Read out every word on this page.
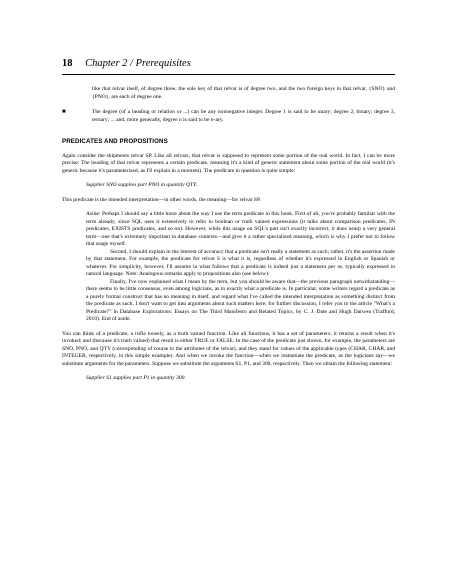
18 Chapter 2 / Prerequisites

like that relvar itself, of degree three, the sole key of that relvar is of degree two, and the two foreign keys in that relvar, {SNO} and {PNO}, are each of degree one.

■	The degree (of a heading or relation or ...) can be any nonnegative integer. Degree 1 is said to be unary; degree 2, binary; degree 3, ternary; ... and, more generally, degree n is said to be n-ary.
PREDICATES AND PROPOSITIONS

Again consider the shipments relvar SP. Like all relvars, that relvar is supposed to represent some portion of the real world. In fact, I can be more precise: The heading of that relvar represents a certain predicate, meaning it's a kind of generic statement about some portion of the real world (it's generic because it's parameterized, as I'll explain in a moment). The predicate in question is quite simple:

Supplier SNO supplies part PNO in quantity QTY.

This predicate is the intended interpretation—in other words, the meaning—for relvar SP.

Aside: Perhaps I should say a little more about the way I use the term predicate in this book. First of all, you're probably familiar with the term already, since SQL uses it extensively to refer to boolean or truth valued expressions (it talks about comparison predicates, IN predicates, EXISTS predicates, and so on). However, while this usage on SQL's part isn't exactly incorrect, it does usurp a very general term—one that's extremely important in database contexts—and give it a rather specialized meaning, which is why I prefer not to follow that usage myself.

Second, I should explain in the interest of accuracy that a predicate isn't really a statement as such; rather, it's the assertion made by that statement. For example, the predicate for relvar S is what it is, regardless of whether it's expressed in English or Spanish or whatever. For simplicity, however, I'll assume in what follows that a predicate is indeed just a statement per se, typically expressed in natural language. Note: Analogous remarks apply to propositions also (see below).

Finally, I've now explained what I mean by the term, but you should be aware that—the previous paragraph notwithstanding—there seems to be little consensus, even among logicians, as to exactly what a predicate is. In particular, some writers regard a predicate as a purely formal construct that has no meaning in itself, and regard what I've called the intended interpretation as something distinct from the predicate as such. I don't want to get into arguments about such matters here; for further discussion, I refer you to the article "What's a Predicate?" in Database Explorations: Essays on The Third Manifesto and Related Topics, by C. J. Date and Hugh Darwen (Trafford, 2010). End of aside.

You can think of a predicate, a trifle loosely, as a truth valued function. Like all functions, it has a set of parameters; it returns a result when it's invoked; and (because it's truth valued) that result is either TRUE or FALSE. In the case of the predicate just shown, for example, the parameters are SNO, PNO, and QTY (corresponding of course to the attributes of the relvar), and they stand for values of the applicable types (CHAR, CHAR, and INTEGER, respectively, in this simple example). And when we invoke the function—when we instantiate the predicate, as the logicians say—we substitute arguments for the parameters. Suppose we substitute the arguments S1, P1, and 300, respectively. Then we obtain the following statement:

Supplier S1 supplies part P1 in quantity 300.
